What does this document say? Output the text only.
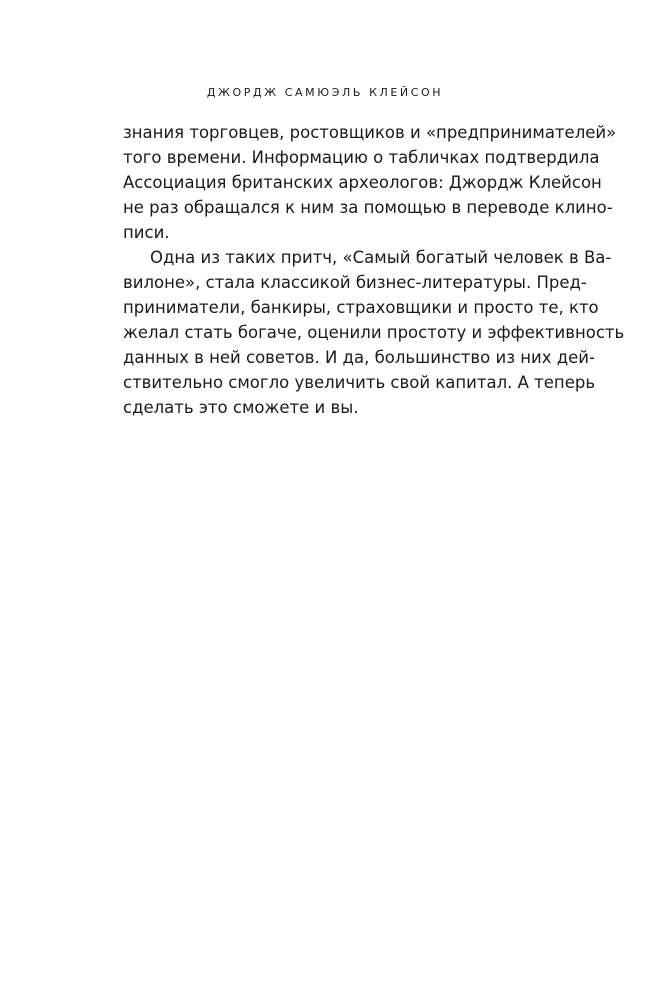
ДЖОРДЖ САМЮЭЛЬ КЛЕЙСОН
знания торговцев, ростовщиков и «предпринимателей»
того времени. Информацию о табличках подтвердила
Ассоциация британских археологов: Джордж Клейсон
не раз обращался к ним за помощью в переводе клино-
писи.
Одна из таких притч, «Самый богатый человек в Ва-
вилоне», стала классикой бизнес-литературы. Пред-
приниматели, банкиры, страховщики и просто те, кто
желал стать богаче, оценили простоту и эффективность
данных в ней советов. И да, большинство из них дей-
ствительно смогло увеличить свой капитал. А теперь
сделать это сможете и вы.
